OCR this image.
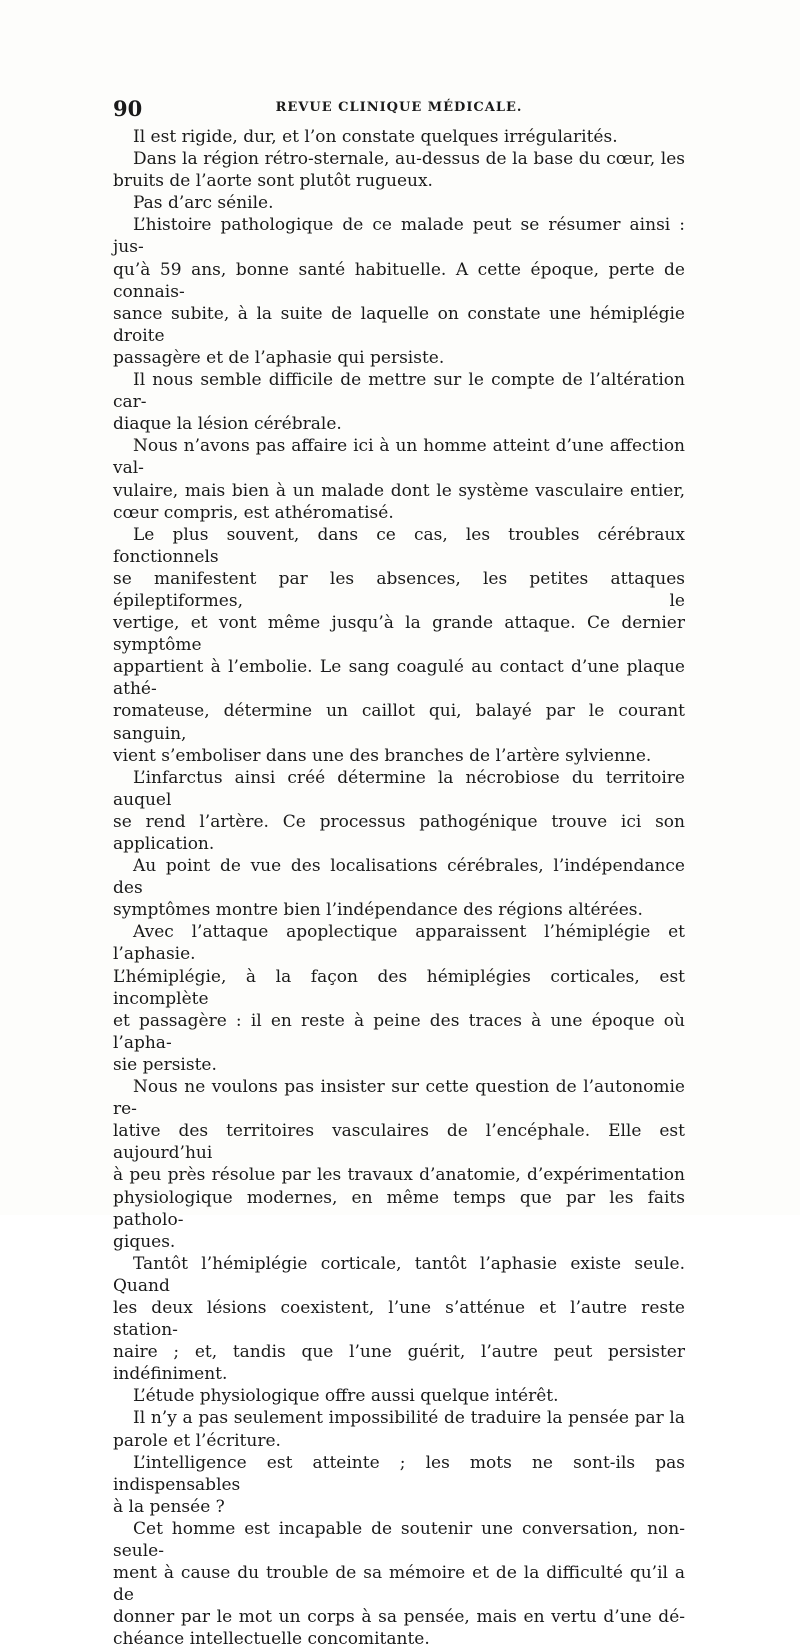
90	REVUE CLINIQUE MÉDICALE.
Il est rigide, dur, et l’on constate quelques irrégularités.
Dans la région rétro-sternale, au-dessus de la base du cœur, les
bruits de l’aorte sont plutôt rugueux.
Pas d’arc sénile.
L’histoire pathologique de ce malade peut se résumer ainsi : jus-
qu’à 59 ans, bonne santé habituelle. A cette époque, perte de connais-
sance subite, à la suite de laquelle on constate une hémiplégie droite
passagère et de l’aphasie qui persiste.
Il nous semble difficile de mettre sur le compte de l’altération car-
diaque la lésion cérébrale.
Nous n’avons pas affaire ici à un homme atteint d’une affection val-
vulaire, mais bien à un malade dont le système vasculaire entier,
cœur compris, est athéromatisé.
Le plus souvent, dans ce cas, les troubles cérébraux fonctionnels
se manifestent par les absences, les petites attaques épileptiformes, le
vertige, et vont même jusqu’à la grande attaque. Ce dernier symptôme
appartient à l’embolie. Le sang coagulé au contact d’une plaque athé-
romateuse, détermine un caillot qui, balayé par le courant sanguin,
vient s’emboliser dans une des branches de l’artère sylvienne.
L’infarctus ainsi créé détermine la nécrobiose du territoire auquel
se rend l’artère. Ce processus pathogénique trouve ici son application.
Au point de vue des localisations cérébrales, l’indépendance des
symptômes montre bien l’indépendance des régions altérées.
Avec l’attaque apoplectique apparaissent l’hémiplégie et l’aphasie.
L’hémiplégie, à la façon des hémiplégies corticales, est incomplète
et passagère : il en reste à peine des traces à une époque où l’apha-
sie persiste.
Nous ne voulons pas insister sur cette question de l’autonomie re-
lative des territoires vasculaires de l’encéphale. Elle est aujourd’hui
à peu près résolue par les travaux d’anatomie, d’expérimentation
physiologique modernes, en même temps que par les faits patholo-
giques.
Tantôt l’hémiplégie corticale, tantôt l’aphasie existe seule. Quand
les deux lésions coexistent, l’une s’atténue et l’autre reste station-
naire ; et, tandis que l’une guérit, l’autre peut persister indéfiniment.
L’étude physiologique offre aussi quelque intérêt.
Il n’y a pas seulement impossibilité de traduire la pensée par la
parole et l’écriture.
L’intelligence est atteinte ; les mots ne sont-ils pas indispensables
à la pensée ?
Cet homme est incapable de soutenir une conversation, non-seule-
ment à cause du trouble de sa mémoire et de la difficulté qu’il a de
donner par le mot un corps à sa pensée, mais en vertu d’une dé-
chéance intellectuelle concomitante.
